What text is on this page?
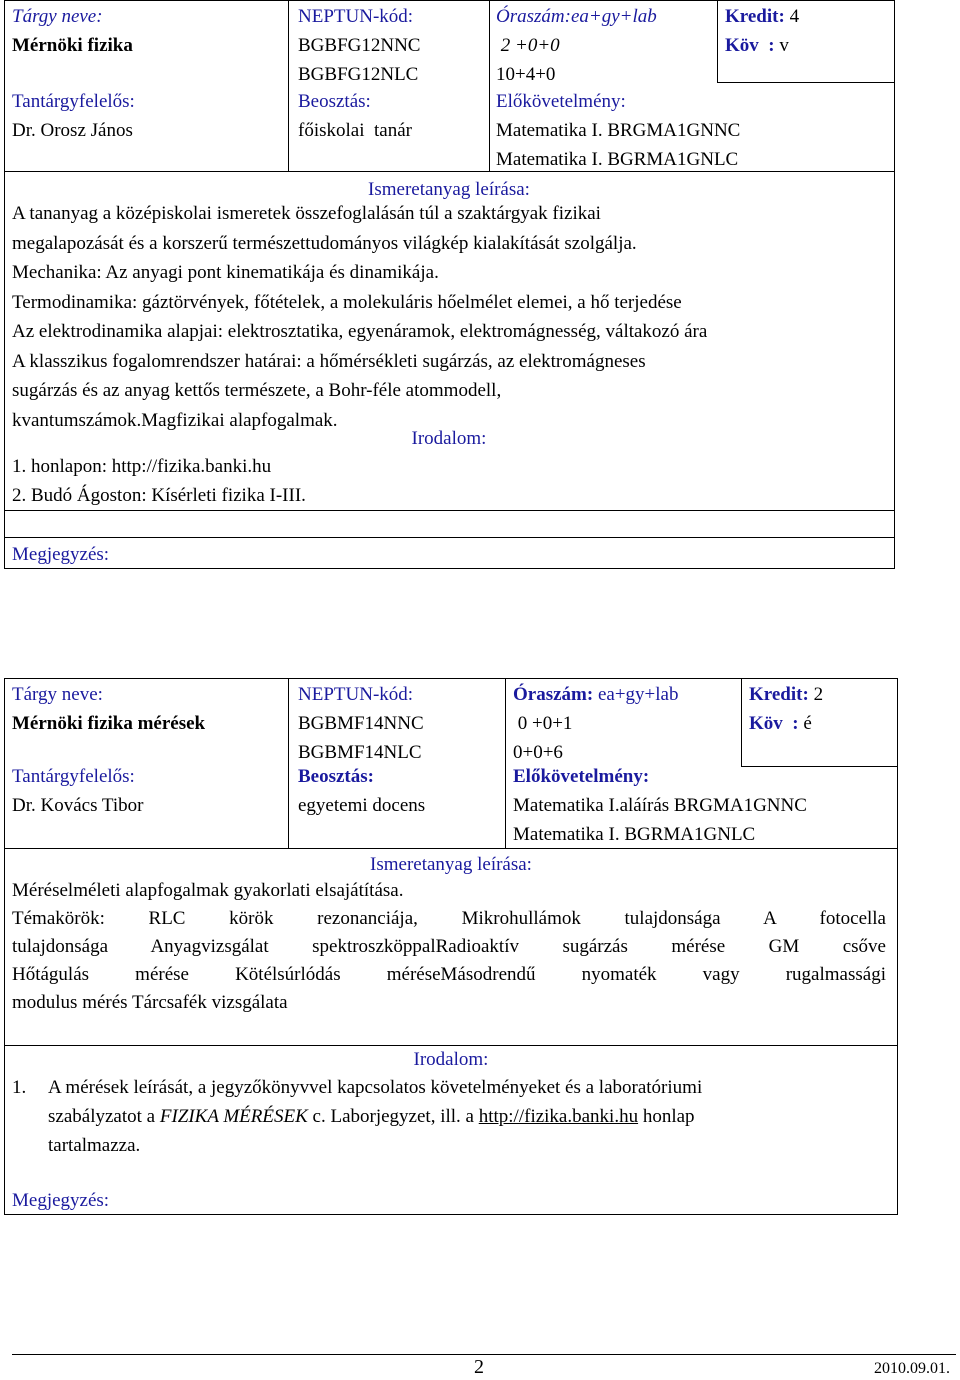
Tárgy neve:
Mérnöki fizika
Tantárgyfelelős:
Dr. Orosz János
NEPTUN-kód:
BGBFG12NNC
BGBFG12NLC
Beosztás:
főiskolai  tanár
Óraszám:ea+gy+lab
2 +0+0
10+4+0
Előkövetelmény:
Matematika I. BRGMA1GNNC
Matematika I. BGRMA1GNLC
Kredit: 4
Köv  : v
Ismeretanyag leírása:
A tananyag a középiskolai ismeretek összefoglalásán túl a szaktárgyak fizikai
megalapozását és a korszerű természettudományos világkép kialakítását szolgálja.
Mechanika: Az anyagi pont kinematikája és dinamikája.
Termodinamika: gáztörvények, főtételek, a molekuláris hőelmélet elemei, a hő terjedése
Az elektrodinamika alapjai: elektrosztatika, egyenáramok, elektromágnesség, váltakozó ára
A klasszikus fogalomrendszer határai: a hőmérsékleti sugárzás, az elektromágneses
sugárzás és az anyag kettős természete, a Bohr-féle atommodell,
kvantumszámok.Magfizikai alapfogalmak.
Irodalom:
1. honlapon: http://fizika.banki.hu
2. Budó Ágoston: Kísérleti fizika I-III.
Megjegyzés:
Tárgy neve:
Mérnöki fizika mérések
Tantárgyfelelős:
Dr. Kovács Tibor
NEPTUN-kód:
BGBMF14NNC
BGBMF14NLC
Beosztás:
egyetemi docens
Óraszám: ea+gy+lab
0 +0+1
0+0+6
Előkövetelmény:
Matematika I.aláírás BRGMA1GNNC
Matematika I. BGRMA1GNLC
Kredit: 2
Köv  : é
Ismeretanyag leírása:
Méréselméleti alapfogalmak gyakorlati elsajátítása.
Témakörök: RLC körök rezonanciája, Mikrohullámok tulajdonsága A fotocella
tulajdonsága Anyagvizsgálat spektroszköppalRadioaktív sugárzás mérése GM csőve
Hőtágulás mérése Kötélsúrlódás méréseMásodrendű nyomaték vagy rugalmassági
modulus mérés Tárcsafék vizsgálata
Irodalom:
1. A mérések leírását, a jegyzőkönyvvel kapcsolatos követelményeket és a laboratóriumi
szabályzatot a FIZIKA MÉRÉSEK c. Laborjegyzet, ill. a http://fizika.banki.hu honlap
tartalmazza.
Megjegyzés:
2	2010.09.01.
